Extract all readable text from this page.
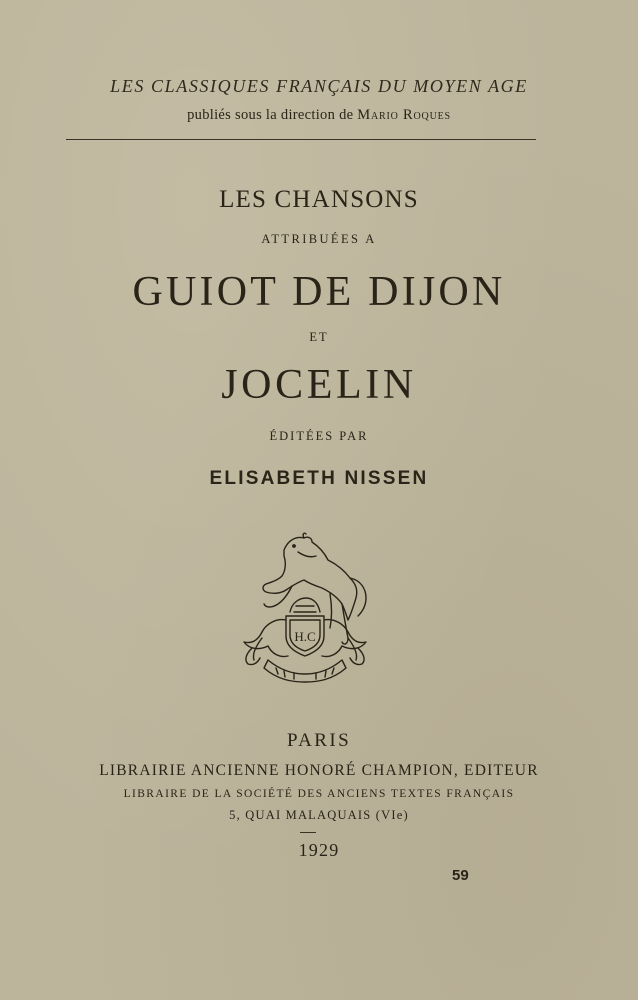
LES CLASSIQUES FRANÇAIS DU MOYEN AGE
publiés sous la direction de Mario Roques
LES CHANSONS
ATTRIBUÉES A
GUIOT DE DIJON
ET
JOCELIN
ÉDITÉES PAR
ELISABETH NISSEN
H.C
PARIS
LIBRAIRIE ANCIENNE HONORÉ CHAMPION, EDITEUR
LIBRAIRE DE LA SOCIÉTÉ DES ANCIENS TEXTES FRANÇAIS
5, QUAI MALAQUAIS (VIe)
1929
59
